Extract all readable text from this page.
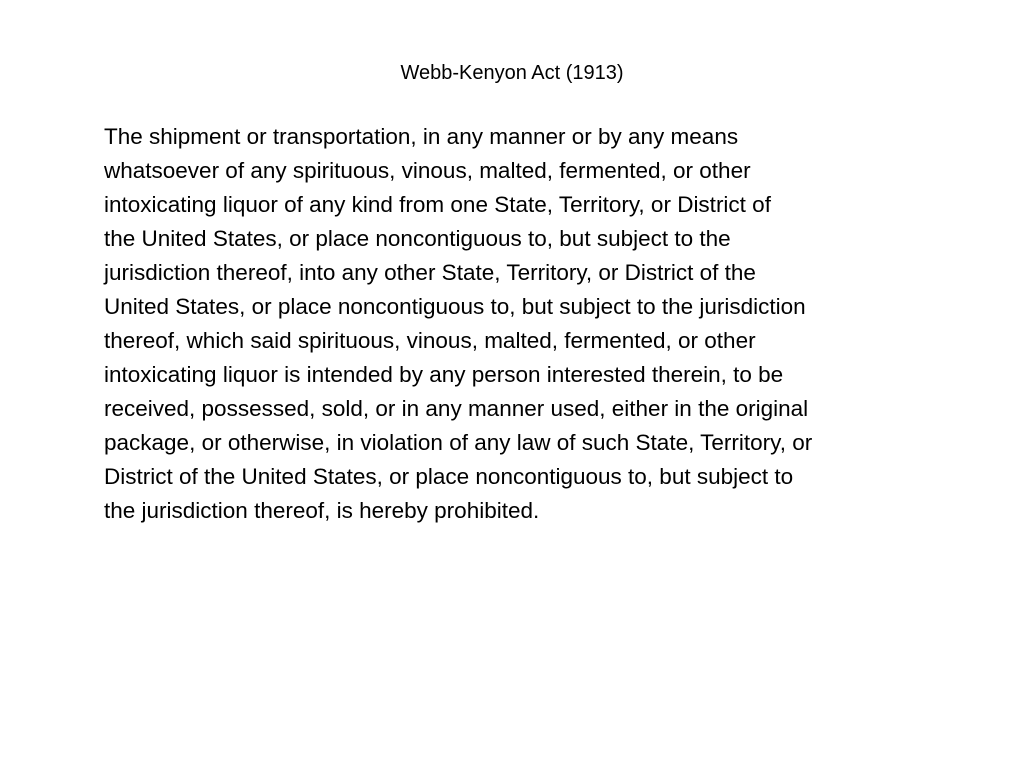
Webb-Kenyon Act (1913)
The shipment or transportation, in any manner or by any means
whatsoever of any spirituous, vinous, malted, fermented, or other
intoxicating liquor of any kind from one State, Territory, or District of
the United States, or place noncontiguous to, but subject to the
jurisdiction thereof, into any other State, Territory, or District of the
United States, or place noncontiguous to, but subject to the jurisdiction
thereof, which said spirituous, vinous, malted, fermented, or other
intoxicating liquor is intended by any person interested therein, to be
received, possessed, sold, or in any manner used, either in the original
package, or otherwise, in violation of any law of such State, Territory, or
District of the United States, or place noncontiguous to, but subject to
the jurisdiction thereof, is hereby prohibited.
